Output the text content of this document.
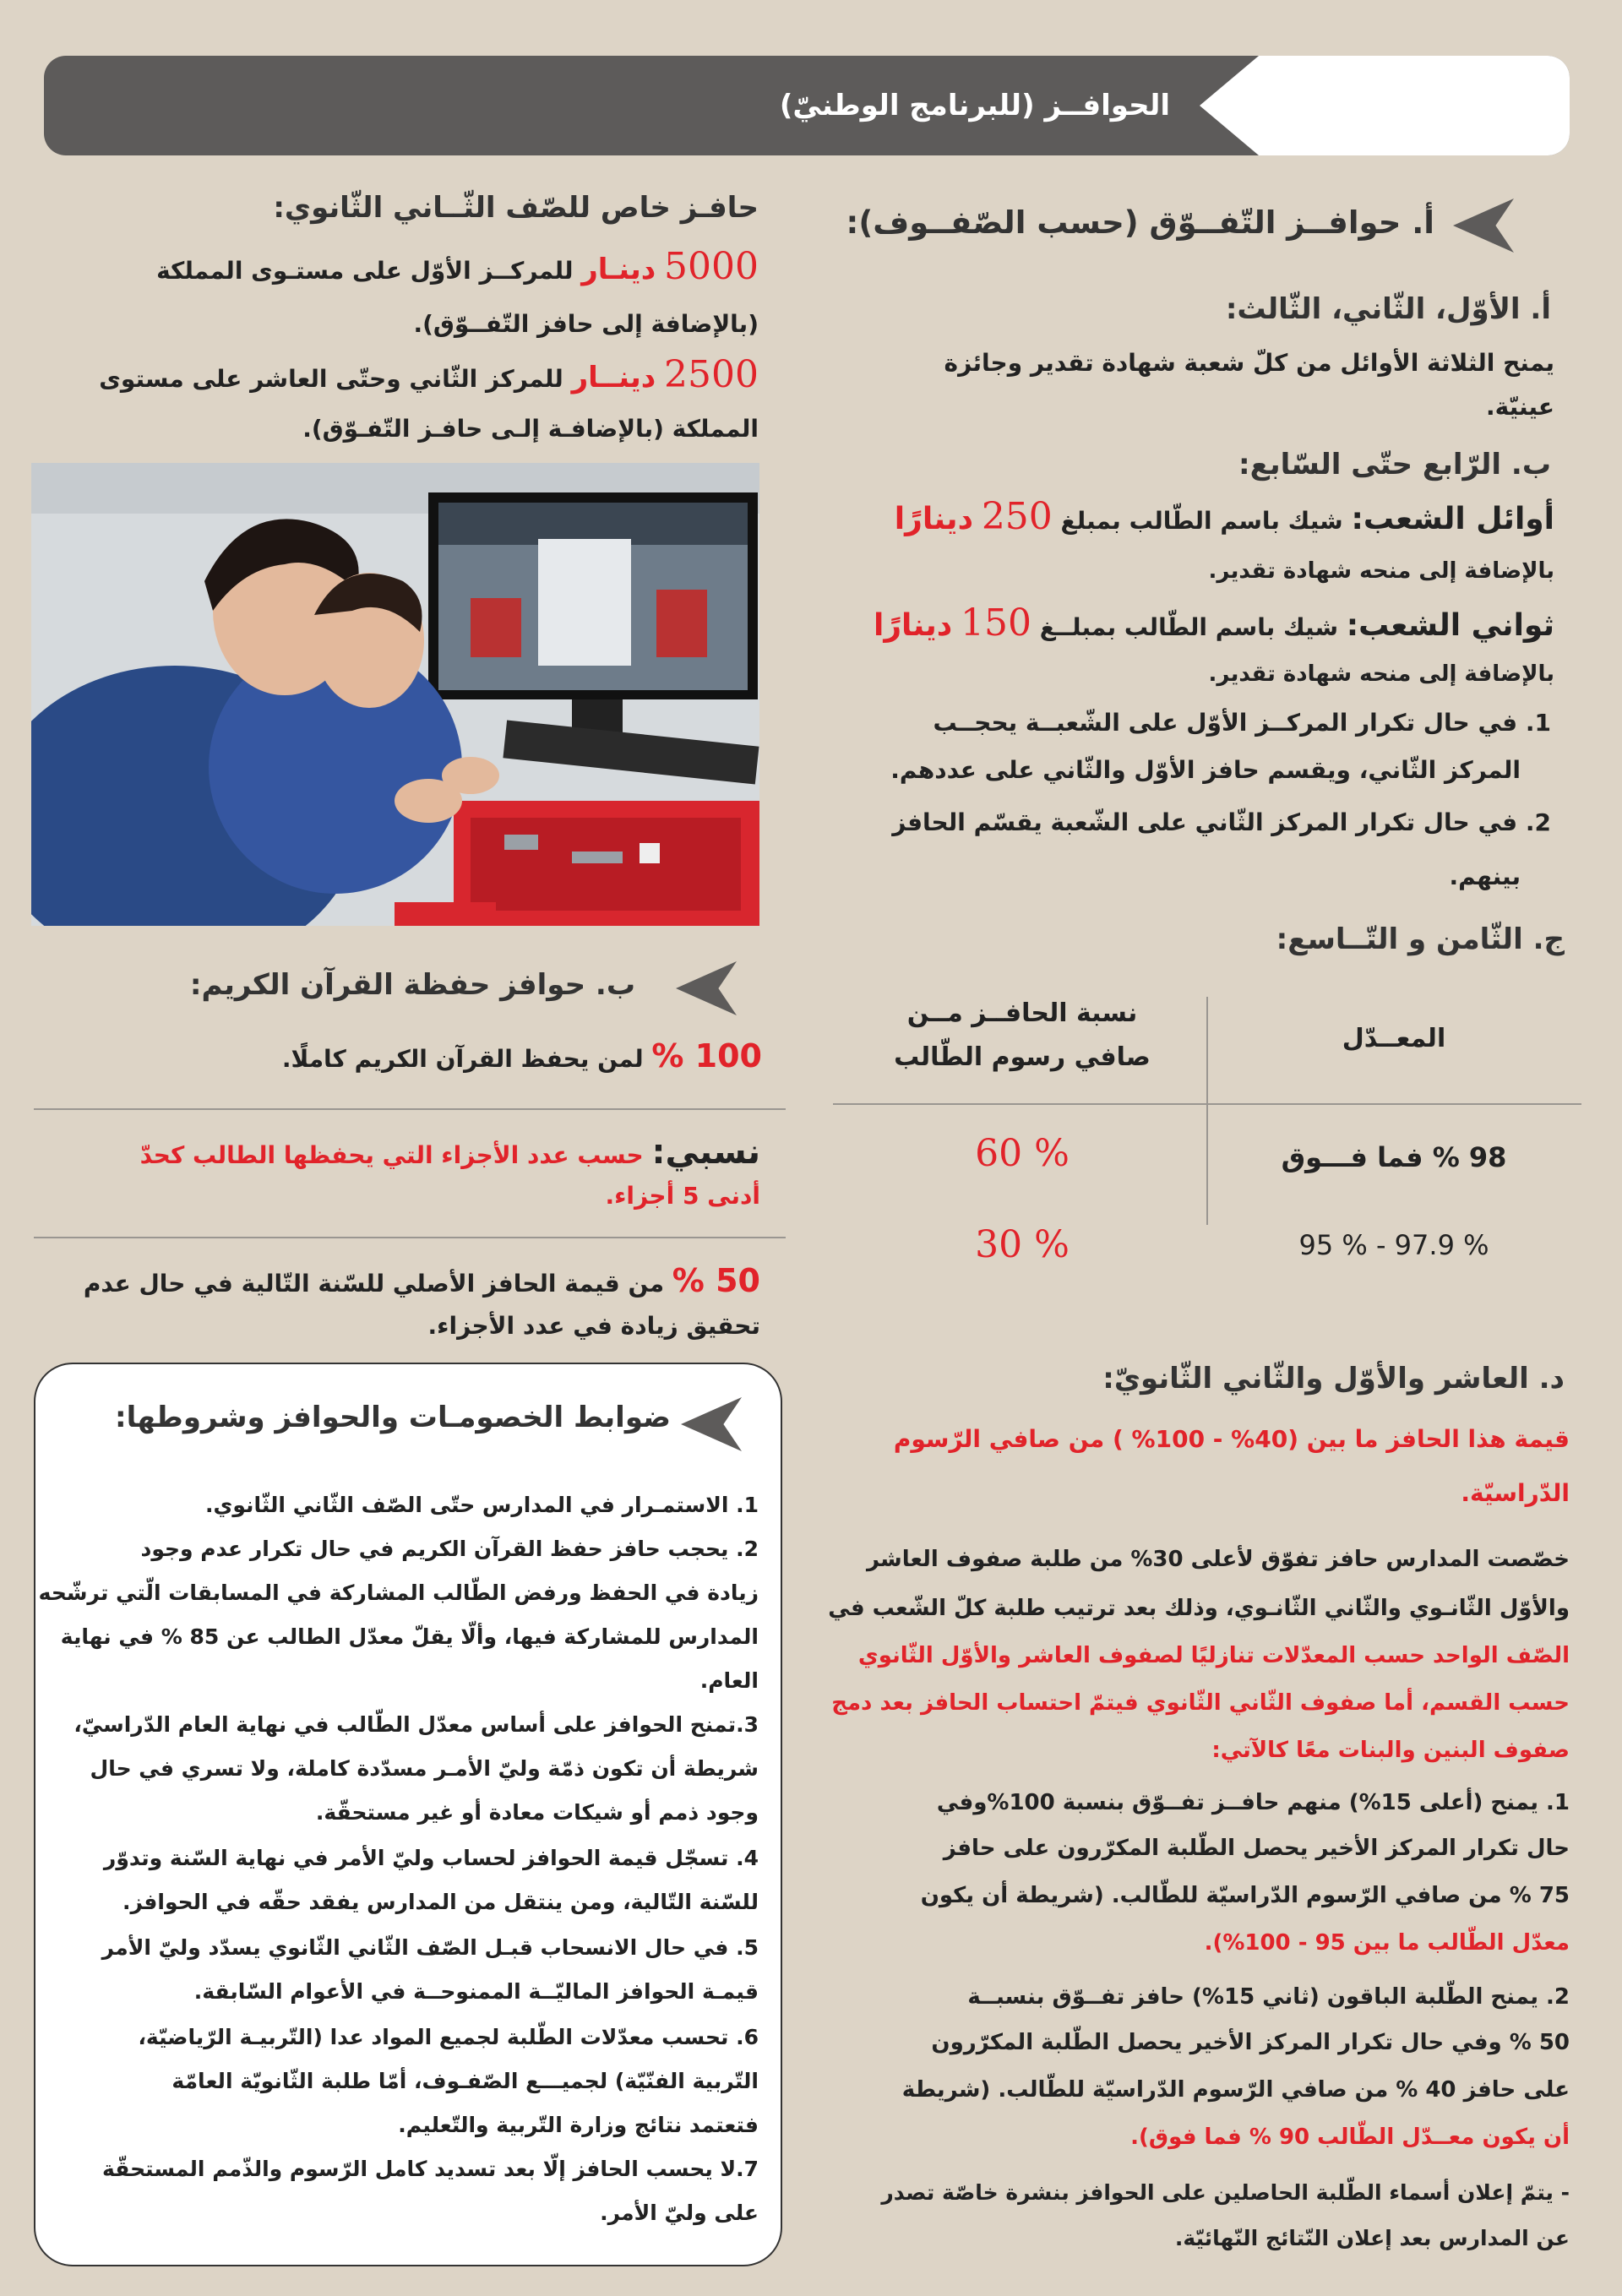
الحوافــز (للبرنامج الوطنيّ)
أ. حوافــز التّفــوّق (حسب الصّفــوف):
أ. الأوّل، الثّاني، الثّالث:
يمنح الثلاثة الأوائل من كلّ شعبة شهادة تقدير وجائزة
عينيّة.
ب. الرّابع حتّى السّابع:
أوائل الشعب: شيك باسم الطّالب بمبلغ 250 دينارًا
بالإضافة إلى منحه شهادة تقدير.
ثواني الشعب: شيك باسم الطّالب بمبلــغ 150 دينارًا
بالإضافة إلى منحه شهادة تقدير.
1. في حال تكرار المركــز الأوّل على الشّعبــة يحجــب
المركز الثّاني، ويقسم حافز الأوّل والثّاني على عددهم.
2. في حال تكرار المركز الثّاني على الشّعبة يقسّم الحافز
بينهم.
ج. الثّامن و التّــاسع:
المعــدّل
نسبة الحافــز مــن
صافي رسوم الطّالب
98 % فما فـــوق
% 60
95 % - 97.9 %
% 30
د. العاشر والأوّل والثّاني الثّانويّ:
قيمة هذا الحافز ما بين (40% - 100% ) من صافي الرّسوم
الدّراسيّة.
خصّصت المدارس حافز تفوّق لأعلى 30% من طلبة صفوف العاشر
والأوّل الثّانـوي والثّاني الثّانـوي، وذلك بعد ترتيب طلبة كلّ الشّعب في
الصّف الواحد حسب المعدّلات تنازليًا لصفوف العاشر والأوّل الثّانوي
حسب القسم، أما صفوف الثّاني الثّانوي فيتمّ احتساب الحافز بعد دمج
صفوف البنين والبنات معًا كالآتي:
1. يمنح (أعلى 15%) منهم حافــز تفــوّق بنسبة 100%وفي
حال تكرار المركز الأخير يحصل الطّلبة المكرّرون على حافز
75 % من صافي الرّسوم الدّراسيّة للطّالب. (شريطة أن يكون
معدّل الطّالب ما بين 95 - 100%).
2. يمنح الطّلبة الباقون (ثاني 15%) حافز تفــوّق بنسبــة
50 % وفي حال تكرار المركز الأخير يحصل الطّلبة المكرّرون
على حافز 40 % من صافي الرّسوم الدّراسيّة للطّالب. (شريطة
أن يكون معــدّل الطّالب 90 % فما فوق).
- يتمّ إعلان أسماء الطّلبة الحاصلين على الحوافز بنشرة خاصّة تصدر
عن المدارس بعد إعلان النّتائج النّهائيّة.
حافـز خاص للصّف الثّــاني الثّانوي:
5000 دينـار للمركــز الأوّل على مستـوى المملكة
(بالإضافة إلى حافز التّفــوّق).
2500 دينــار للمركز الثّاني وحتّى العاشر على مستوى
المملكة (بالإضافـة إلـى حافـز التّفـوّق).
ب. حوافز حفظة القرآن الكريم:
100 % لمن يحفظ القرآن الكريم كاملًا.
نسبي: حسب عدد الأجزاء التي يحفظها الطالب كحدّ
أدنى 5 أجزاء.
50 % من قيمة الحافز الأصلي للسّنة التّالية في حال عدم
تحقيق زيادة في عدد الأجزاء.
ضوابط الخصومـات والحوافز وشروطها:
1. الاستمـرار في المدارس حتّى الصّف الثّاني الثّانوي.
2. يحجب حافز حفظ القرآن الكريم في حال تكرار عدم وجود
زيادة في الحفظ ورفض الطّالب المشاركة في المسابقات الّتي ترشّحه
المدارس للمشاركة فيها، وألّا يقلّ معدّل الطالب عن 85 % في نهاية
العام.
3.تمنح الحوافز على أساس معدّل الطّالب في نهاية العام الدّراسيّ،
شريطة أن تكون ذمّة وليّ الأمـر مسدّدة كاملة، ولا تسري في حال
وجود ذمم أو شيكات معادة أو غير مستحقّة.
4. تسجّل قيمة الحوافز لحساب وليّ الأمر في نهاية السّنة وتدوّر
للسّنة التّالية، ومن ينتقل من المدارس يفقد حقّه في الحوافز.
5. في حال الانسحاب قبـل الصّف الثّاني الثّانوي يسدّد وليّ الأمر
قيمـة الحوافز الماليّــة الممنوحــة في الأعوام السّابقة.
6. تحسب معدّلات الطّلبة لجميع المواد عدا (التّربيـة الرّياضيّة،
التّربية الفنّيّة) لجميـــع الصّفـوف، أمّا طلبة الثّانويّة العامّة
فتعتمد نتائج وزارة التّربية والتّعليم.
7.لا يحسب الحافز إلّا بعد تسديد كامل الرّسوم والذّمم المستحقّة
على وليّ الأمر.
